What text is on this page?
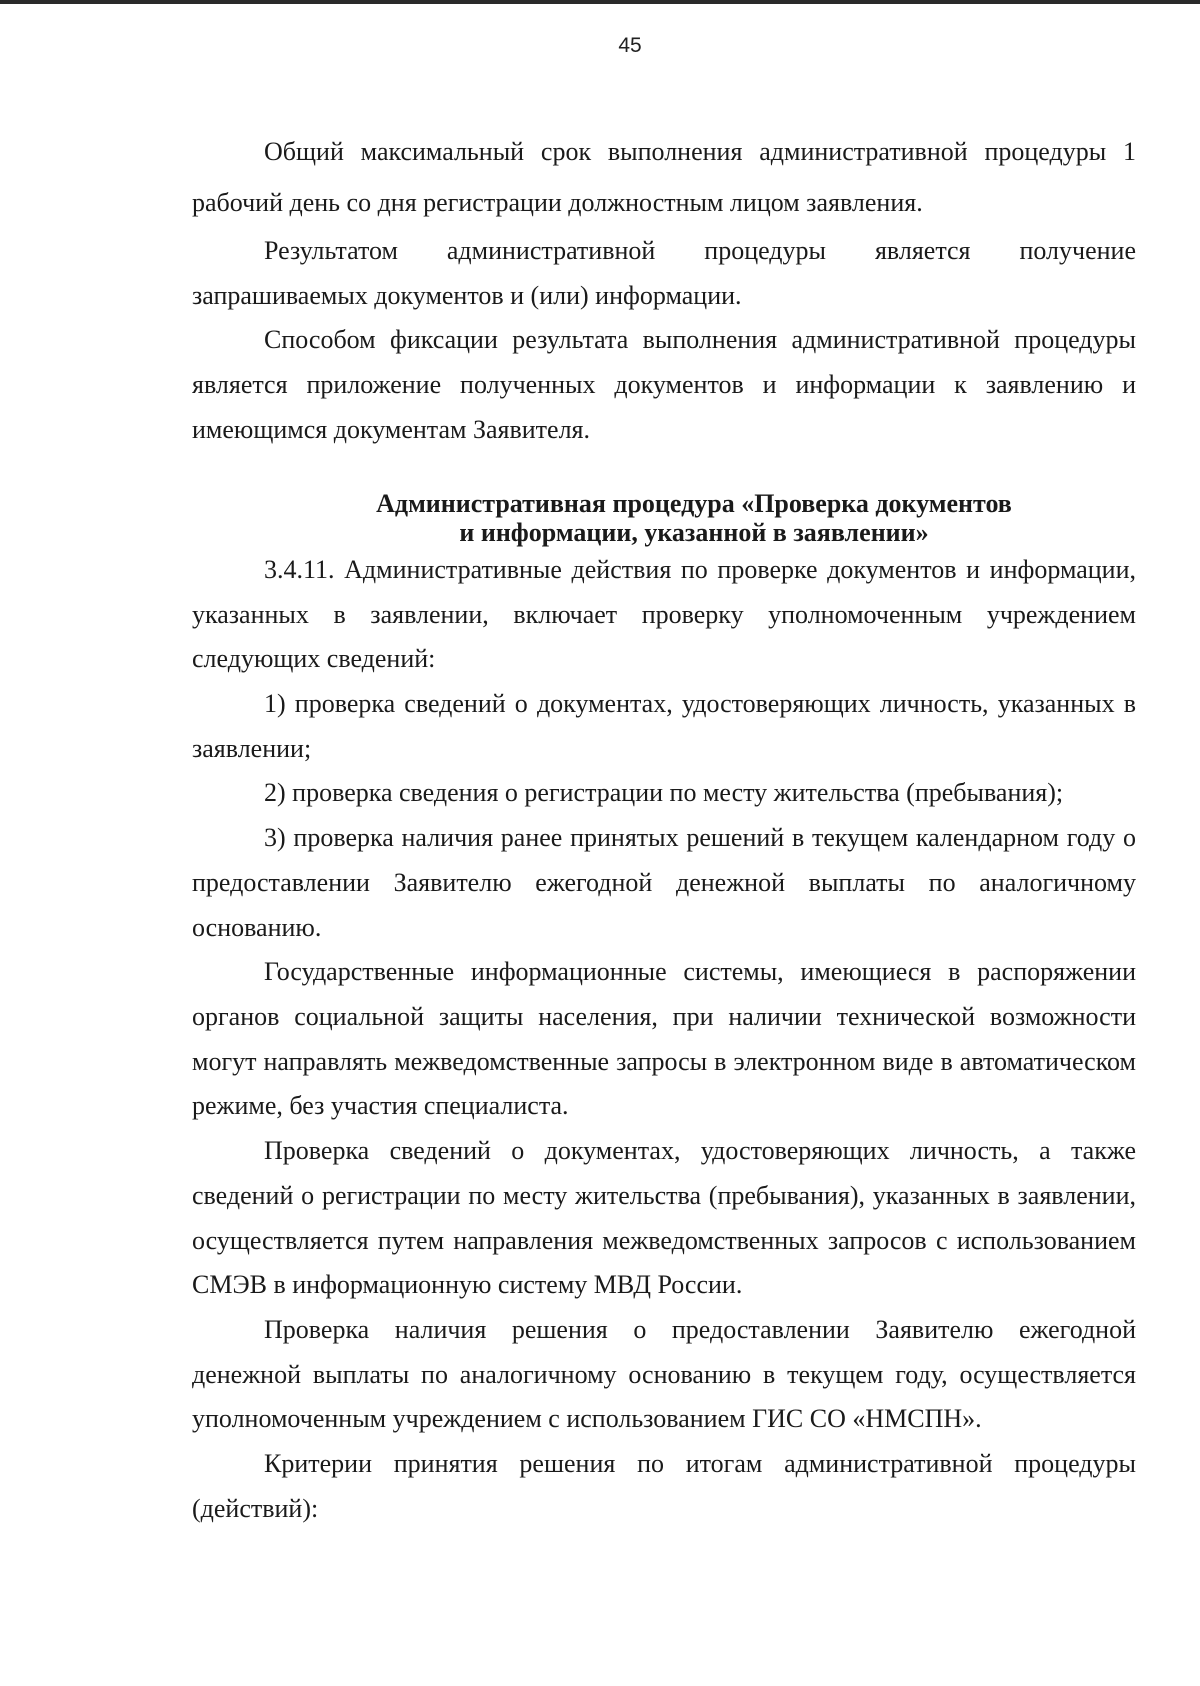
45

Общий максимальный срок выполнения административной процедуры 1 рабочий день со дня регистрации должностным лицом заявления.

Результатом административной процедуры является получение запрашиваемых документов и (или) информации.

Способом фиксации результата выполнения административной процедуры является приложение полученных документов и информации к заявлению и имеющимся документам Заявителя.

Административная процедура «Проверка документов
и информации, указанной в заявлении»

3.4.11. Административные действия по проверке документов и информации, указанных в заявлении, включает проверку уполномоченным учреждением следующих сведений:

1) проверка сведений о документах, удостоверяющих личность, указанных в заявлении;

2) проверка сведения о регистрации по месту жительства (пребывания);

3) проверка наличия ранее принятых решений в текущем календарном году о предоставлении Заявителю ежегодной денежной выплаты по аналогичному основанию.

Государственные информационные системы, имеющиеся в распоряжении органов социальной защиты населения, при наличии технической возможности могут направлять межведомственные запросы в электронном виде в автоматическом режиме, без участия специалиста.

Проверка сведений о документах, удостоверяющих личность, а также сведений о регистрации по месту жительства (пребывания), указанных в заявлении, осуществляется путем направления межведомственных запросов с использованием СМЭВ в информационную систему МВД России.

Проверка наличия решения о предоставлении Заявителю ежегодной денежной выплаты по аналогичному основанию в текущем году, осуществляется уполномоченным учреждением с использованием ГИС СО «НМСПН».

Критерии принятия решения по итогам административной процедуры (действий):
